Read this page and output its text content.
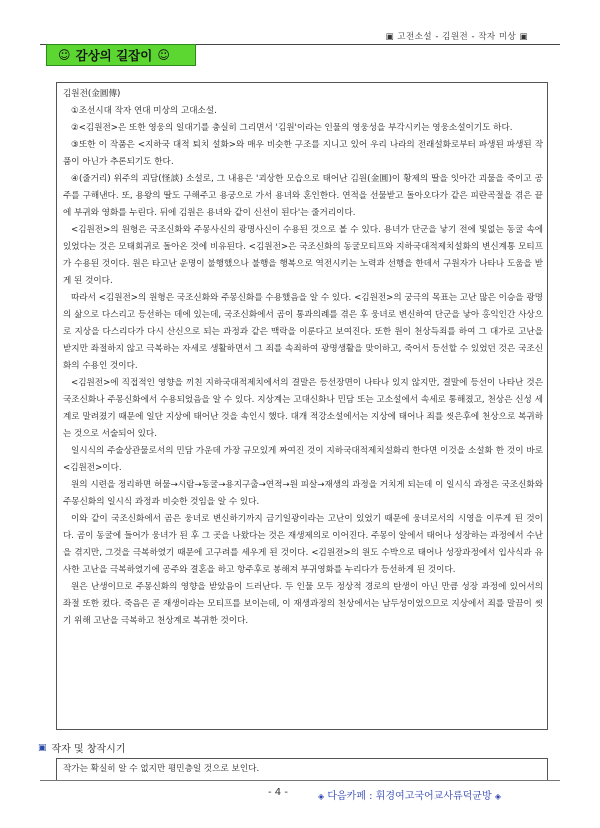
▣ 고전소설 - 김원전 - 작자 미상 ▣
☺ 감상의 길잡이 ☺

김원전(金圓傳)

①조선시대 작자 연대 미상의 고대소설.

②<김원전>은 또한 영웅의 일대기를 충실히 그리면서 '김원'이라는 인물의 영웅성을 부각시키는 영웅소설이기도 하다.

③또한 이 작품은 <지하국 대적 퇴치 설화>와 매우 비슷한 구조를 지니고 있어 우리 나라의 전래설화로부터 파생된 파생된 작품이 아닌가 추론되기도 한다.

④(줄거리) 위주의 괴담(怪談) 소설로, 그 내용은 '괴상한 모습으로 태어난 김원(金圓)이 황제의 딸을 잇아간 괴물을 죽이고 공주를 구해낸다. 또, 용왕의 딸도 구해주고 용궁으로 가서 용녀와 혼인한다. 연적을 선물받고 돌아오다가 같은 피란곡절을 겪은 끝에 부귀와 영화를 누린다. 뒤에 김원은 용녀와 같이 신선이 된다'는 줄거리이다.

<김원전>의 원형은 국조신화와 주몽사신의 광명사신이 수용된 것으로 볼 수 있다. 용녀가 단군을 낳기 전에 빛없는 동굴 속에 있었다는 것은 모태회귀로 돌아온 것에 비유된다. <김원전>은 국조신화의 동굴모티프와 지하국대적제치설화의 변신계통 모티프가 수용된 것이다. 원은 타고난 운명이 불행했으나 불행을 행복으로 역전시키는 노력과 선행을 한데서 구원자가 나타나 도움을 받게 된 것이다.

따라서 <김원전>의 원형은 국조신화와 주몽신화를 수용했음을 알 수 있다. <김원전>의 궁극의 목표는 고난 많은 이승을 광명의 삶으로 다스리고 등선하는 데에 있는데, 국조신화에서 곰이 통과의례를 겪은 후 웅녀로 변신하여 단군을 낳아 홍익인간 사상으로 지상을 다스리다가 다시 산신으로 되는 과정과 같은 맥락을 이룬다고 보여진다. 또한 원이 천상득죄를 하여 그 대가로 고난을 받지만 좌절하지 않고 극복하는 자세로 생활하면서 그 죄를 속죄하여 광명생활을 맞이하고, 죽어서 등선할 수 있었던 것은 국조신화의 수용인 것이다.

<김원전>에 직접적인 영향을 끼친 지하국대적제치에서의 결말은 등선장면이 나타나 있지 않지만, 결말에 등선이 나타난 것은 국조신화나 주몽신화에서 수용되었음을 알 수 있다. 지상계는 고대신화나 민담 또는 고소설에서 속세로 통해졌고, 천상은 신성 세계로 말려졌기 때문에 일단 지상에 태어난 것을 속인시 했다. 대개 적강소설에서는 지상에 태어나 죄를 씻은후에 천상으로 복귀하는 것으로 서술되어 있다.

일시식의 주술상관물로서의 민담 가운데 가장 규모있게 짜여진 것이 지하국대적제치설화리 한다면 이것을 소설화 한 것이 바로 <김원전>이다.

원의 시련을 정리하면 허물→시람→동굴→용지구출→연적→원 피살→재생의 과정을 거치게 되는데 이 일시식 과정은 국조신화와 주몽신화의 일시식 과정과 비슷한 것임을 알 수 있다.

이와 같이 국조신화에서 곰은 웅녀로 변신하기까지 금기일광이라는 고난이 있었기 때문에 웅녀로서의 시영을 이루게 된 것이다. 곰이 동굴에 들어가 웅녀가 된 후 그 곳을 나왔다는 것은 재생제의로 이어진다. 주몽이 알에서 태어나 성장하는 과정에서 수난을 겪지만, 그것을 극복하였기 때문에 고구려를 세우게 된 것이다. <김원전>의 원도 수박으로 태어나 성장과정에서 입사식과 유사한 고난을 극복하였기에 공주와 결혼을 하고 항주후로 봉해져 부귀영화를 누리다가 등선하게 된 것이다.

원은 난생이므로 주몽신화의 영향을 받았음이 드러난다. 두 인물 모두 정상적 경로의 탄생이 아닌 만큼 성장 과정에 있어서의 좌절 또한 컸다. 죽음은 곧 재생이라는 모티프를 보이는데, 이 재생과정의 천상에서는 남두성이었으므로 지상에서 죄를 말끔이 씻기 위해 고난을 극복하고 천상계로 복귀한 것이다.

▣ 작자 및 창작시기
작가는 확실히 알 수 없지만 평민층일 것으로 보인다.
- 4 -	◈ 다음카페 : 휘경여고국어교사류덕균방 ◈
